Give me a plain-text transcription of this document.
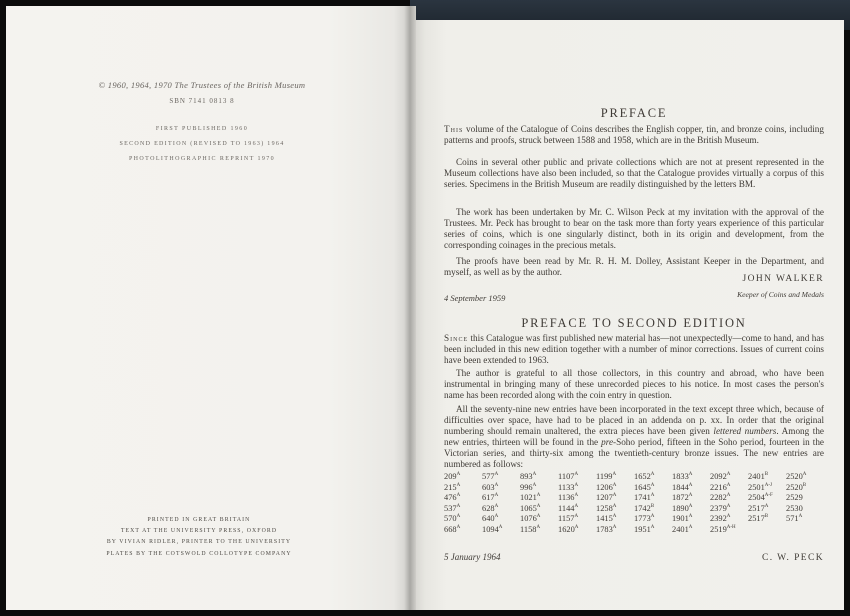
© 1960, 1964, 1970 The Trustees of the British Museum
SBN 7141 0813 8
FIRST PUBLISHED 1960
SECOND EDITION (REVISED TO 1963) 1964
PHOTOLITHOGRAPHIC REPRINT 1970
PRINTED IN GREAT BRITAIN
TEXT AT THE UNIVERSITY PRESS, OXFORD
BY VIVIAN RIDLER, PRINTER TO THE UNIVERSITY
PLATES BY THE COTSWOLD COLLOTYPE COMPANY
PREFACE
This volume of the Catalogue of Coins describes the English copper, tin, and bronze coins, including patterns and proofs, struck between 1588 and 1958, which are in the British Museum.
Coins in several other public and private collections which are not at present represented in the Museum collections have also been included, so that the Catalogue provides virtually a corpus of this series. Specimens in the British Museum are readily distinguished by the letters BM.
The work has been undertaken by Mr. C. Wilson Peck at my invitation with the approval of the Trustees. Mr. Peck has brought to bear on the task more than forty years experience of this particular series of coins, which is one singularly distinct, both in its origin and development, from the corresponding coinages in the precious metals.
The proofs have been read by Mr. R. H. M. Dolley, Assistant Keeper in the Department, and myself, as well as by the author.
JOHN WALKER
Keeper of Coins and Medals
4 September 1959
PREFACE TO SECOND EDITION
Since this Catalogue was first published new material has—not unexpectedly—come to hand, and has been included in this new edition together with a number of minor corrections. Issues of current coins have been extended to 1963.
The author is grateful to all those collectors, in this country and abroad, who have been instrumental in bringing many of these unrecorded pieces to his notice. In most cases the person's name has been recorded along with the coin entry in question.
All the seventy-nine new entries have been incorporated in the text except three which, because of difficulties over space, have had to be placed in an addenda on p. xx. In order that the original numbering should remain unaltered, the extra pieces have been given lettered numbers. Among the new entries, thirteen will be found in the pre-Soho period, fifteen in the Soho period, fourteen in the Victorian series, and thirty-six among the twentieth-century bronze issues. The new entries are numbered as follows:
$209^A$	$577^A$	$893^A$	$1107^A$	$1199^A$	$1652^A$	$1833^A$	$2092^A$	$2401^B$	$2520^A$
$215^A$	$603^A$	$996^A$	$1133^A$	$1206^A$	$1645^A$	$1844^A$	$2216^A$	$2501^{A-J}$	$2520^B$
$476^A$	$617^A$	$1021^A$	$1136^A$	$1207^A$	$1741^A$	$1872^A$	$2282^A$	$2504^{A-F}$	2529
$537^A$	$628^A$	$1065^A$	$1144^A$	$1258^A$	$1742^B$	$1890^A$	$2379^A$	$2517^A$	2530
$570^A$	$640^A$	$1076^A$	$1157^A$	$1415^A$	$1773^A$	$1901^A$	$2392^A$	$2517^B$	$571^A$
$668^A$	$1094^A$	$1158^A$	$1620^A$	$1783^A$	$1951^A$	$2401^A$	$2519^{A-H}$
5 January 1964	C. W. PECK
